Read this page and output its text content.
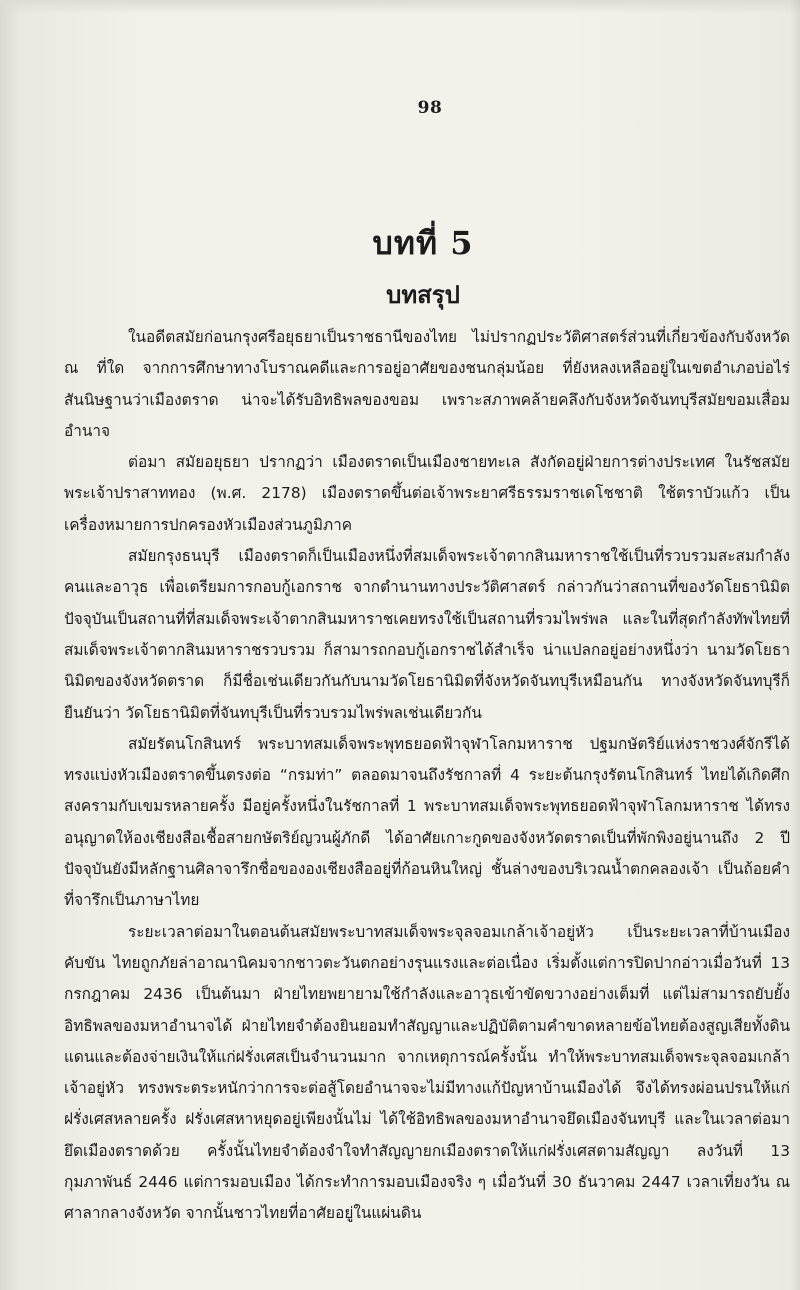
98
บทที่ 5
บทสรุป

ในอดีตสมัยก่อนกรุงศรีอยุธยาเป็นราชธานีของไทย ไม่ปรากฏประวัติศาสตร์ส่วนที่เกี่ยวข้องกับจังหวัด ณ ที่ใด จากการศึกษาทางโบราณคดีและการอยู่อาศัยของชนกลุ่มน้อย ที่ยังหลงเหลืออยู่ในเขตอำเภอบ่อไร่ สันนิษฐานว่าเมืองตราด น่าจะได้รับอิทธิพลของขอม เพราะสภาพคล้ายคลึงกับจังหวัดจันทบุรีสมัยขอมเสื่อมอำนาจ

ต่อมา สมัยอยุธยา ปรากฏว่า เมืองตราดเป็นเมืองชายทะเล สังกัดอยู่ฝ่ายการต่างประเทศ ในรัชสมัยพระเจ้าปราสาททอง (พ.ศ. 2178) เมืองตราดขึ้นต่อเจ้าพระยาศรีธรรมราชเดโชชาติ ใช้ตราบัวแก้ว เป็นเครื่องหมายการปกครองหัวเมืองส่วนภูมิภาค

สมัยกรุงธนบุรี เมืองตราดก็เป็นเมืองหนึ่งที่สมเด็จพระเจ้าตากสินมหาราชใช้เป็นที่รวบรวมสะสมกำลังคนและอาวุธ เพื่อเตรียมการกอบกู้เอกราช จากตำนานทางประวัติศาสตร์ กล่าวกันว่าสถานที่ของวัดโยธานิมิต ปัจจุบันเป็นสถานที่ที่สมเด็จพระเจ้าตากสินมหาราชเคยทรงใช้เป็นสถานที่รวมไพร่พล และในที่สุดกำลังทัพไทยที่สมเด็จพระเจ้าตากสินมหาราชรวบรวม ก็สามารถกอบกู้เอกราชได้สำเร็จ น่าแปลกอยู่อย่างหนึ่งว่า นามวัดโยธานิมิตของจังหวัดตราด ก็มีชื่อเช่นเดียวกันกับนามวัดโยธานิมิตที่จังหวัดจันทบุรีเหมือนกัน ทางจังหวัดจันทบุรีก็ยืนยันว่า วัดโยธานิมิตที่จันทบุรีเป็นที่รวบรวมไพร่พลเช่นเดียวกัน

สมัยรัตนโกสินทร์ พระบาทสมเด็จพระพุทธยอดฟ้าจุฬาโลกมหาราช ปฐมกษัตริย์แห่งราชวงศ์จักรีได้ทรงแบ่งหัวเมืองตราดขึ้นตรงต่อ “กรมท่า” ตลอดมาจนถึงรัชกาลที่ 4 ระยะต้นกรุงรัตนโกสินทร์ ไทยได้เกิดศึกสงครามกับเขมรหลายครั้ง มีอยู่ครั้งหนึ่งในรัชกาลที่ 1 พระบาทสมเด็จพระพุทธยอดฟ้าจุฬาโลกมหาราช ได้ทรงอนุญาตให้องเชียงสือเชื้อสายกษัตริย์ญวนผู้ภักดี ได้อาศัยเกาะกูดของจังหวัดตราดเป็นที่พักพิงอยู่นานถึง 2 ปี ปัจจุบันยังมีหลักฐานศิลาจารึกชื่อขององเชียงสืออยู่ที่ก้อนหินใหญ่ ชั้นล่างของบริเวณน้ำตกคลองเจ้า เป็นถ้อยคำที่จารึกเป็นภาษาไทย

ระยะเวลาต่อมาในตอนต้นสมัยพระบาทสมเด็จพระจุลจอมเกล้าเจ้าอยู่หัว เป็นระยะเวลาที่บ้านเมืองคับขัน ไทยถูกภัยล่าอาณานิคมจากชาวตะวันตกอย่างรุนแรงและต่อเนื่อง เริ่มตั้งแต่การปิดปากอ่าวเมื่อวันที่ 13 กรกฎาคม 2436 เป็นต้นมา ฝ่ายไทยพยายามใช้กำลังและอาวุธเข้าขัดขวางอย่างเต็มที่ แต่ไม่สามารถยับยั้งอิทธิพลของมหาอำนาจได้ ฝ่ายไทยจำต้องยินยอมทำสัญญาและปฏิบัติตามคำขาดหลายข้อไทยต้องสูญเสียทั้งดินแดนและต้องจ่ายเงินให้แก่ฝรั่งเศสเป็นจำนวนมาก จากเหตุการณ์ครั้งนั้น ทำให้พระบาทสมเด็จพระจุลจอมเกล้าเจ้าอยู่หัว ทรงพระตระหนักว่าการจะต่อสู้โดยอำนาจจะไม่มีทางแก้ปัญหาบ้านเมืองได้ จึงได้ทรงผ่อนปรนให้แก่ฝรั่งเศสหลายครั้ง ฝรั่งเศสหาหยุดอยู่เพียงนั้นไม่ ได้ใช้อิทธิพลของมหาอำนาจยึดเมืองจันทบุรี และในเวลาต่อมายึดเมืองตราดด้วย ครั้งนั้นไทยจำต้องจำใจทำสัญญายกเมืองตราดให้แก่ฝรั่งเศสตามสัญญา ลงวันที่ 13 กุมภาพันธ์ 2446 แต่การมอบเมือง ได้กระทำการมอบเมืองจริง ๆ เมื่อวันที่ 30 ธันวาคม 2447 เวลาเที่ยงวัน ณ ศาลากลางจังหวัด จากนั้นชาวไทยที่อาศัยอยู่ในแผ่นดิน
